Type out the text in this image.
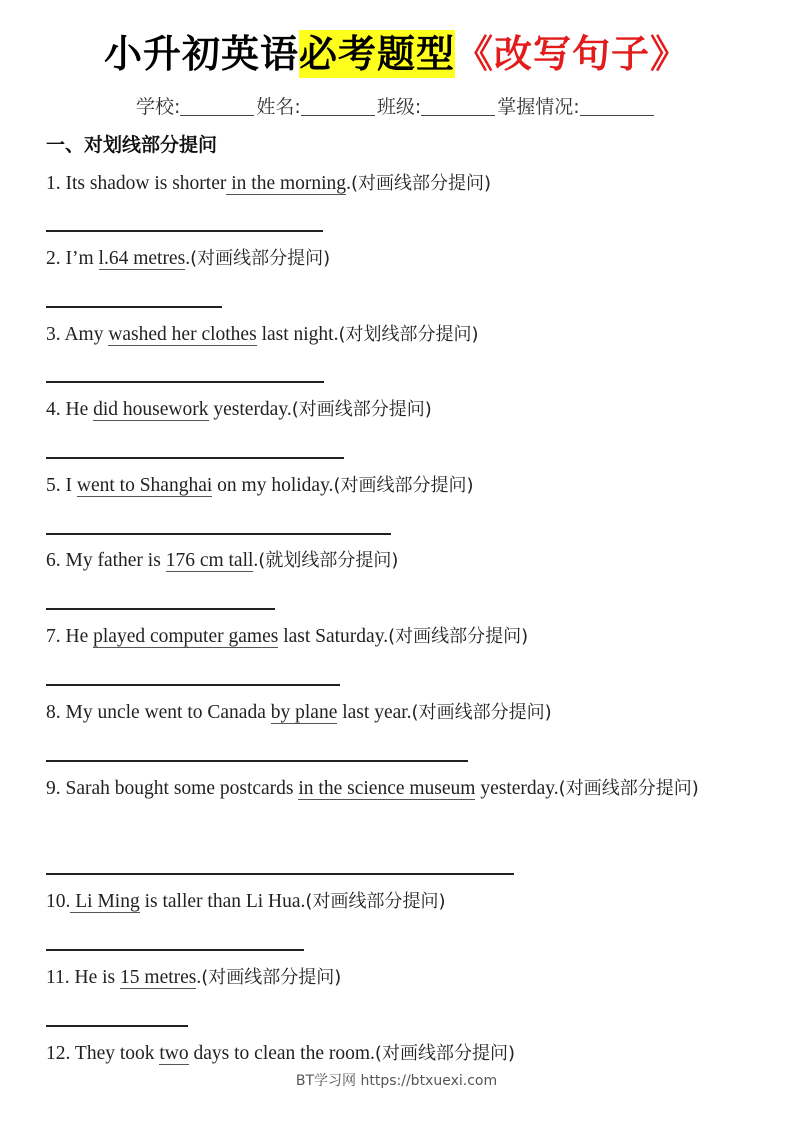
小升初英语必考题型《改写句子》
学校:	姓名:	班级:	掌握情况:
一、对划线部分提问
1. Its shadow is shorter in the morning.(对画线部分提问)
2. I’m l.64 metres.(对画线部分提问)
3. Amy washed her clothes last night.(对划线部分提问)
4. He did housework yesterday.(对画线部分提问)
5. I went to Shanghai on my holiday.(对画线部分提问)
6. My father is 176 cm tall.(就划线部分提问)
7. He played computer games last Saturday.(对画线部分提问)
8. My uncle went to Canada by plane last year.(对画线部分提问)
9. Sarah bought some postcards in the science museum yesterday.(对画线部分提问)
10. Li Ming is taller than Li Hua.(对画线部分提问)
11. He is 15 metres.(对画线部分提问)
12. They took two days to clean the room.(对画线部分提问)
BT学习网 https://btxuexi.com
